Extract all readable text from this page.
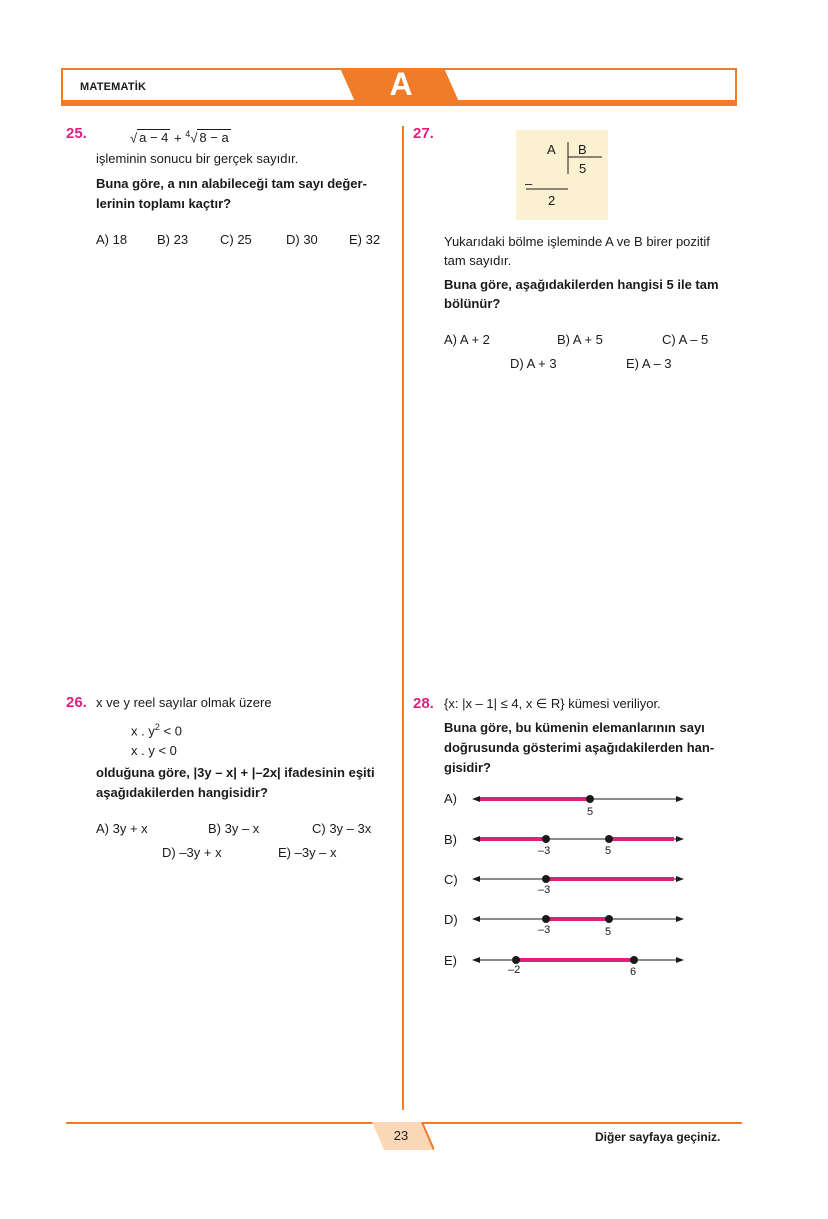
MATEMATİK	A
25.	√ a − 4 + $^4$√ 8 − a
işleminin sonucu bir gerçek sayıdır.
Buna göre, a nın alabileceği tam sayı değer-
lerinin toplamı kaçtır?
A) 18 B) 23 C) 25	D) 30 E) 32
26. x ve y reel sayılar olmak üzere
x . $y^2 < 0$
x . y < 0
olduğuna göre, |3y – x| + |–2x| ifadesinin eşiti
aşağıdakilerden hangisidir?
A) 3y + x	B) 3y – x	C) 3y – 3x
D) –3y + x	E) –3y – x
27.
A B
5
–
2
Yukarıdaki bölme işleminde A ve B birer pozitif
tam sayıdır.
Buna göre, aşağıdakilerden hangisi 5 ile tam
bölünür?
A) A + 2	B) A + 5	C) A – 5
D) A + 3	E) A – 3
28. {x: |x – 1| ≤ 4, x ∈ R} kümesi veriliyor.
Buna göre, bu kümenin elemanlarının sayı
doğrusunda gösterimi aşağıdakilerden han-
gisidir?
A)
5
B)
–3	5
C)
–3
D)
–3	5
E)
–2	6
23	Diğer sayfaya geçiniz.
